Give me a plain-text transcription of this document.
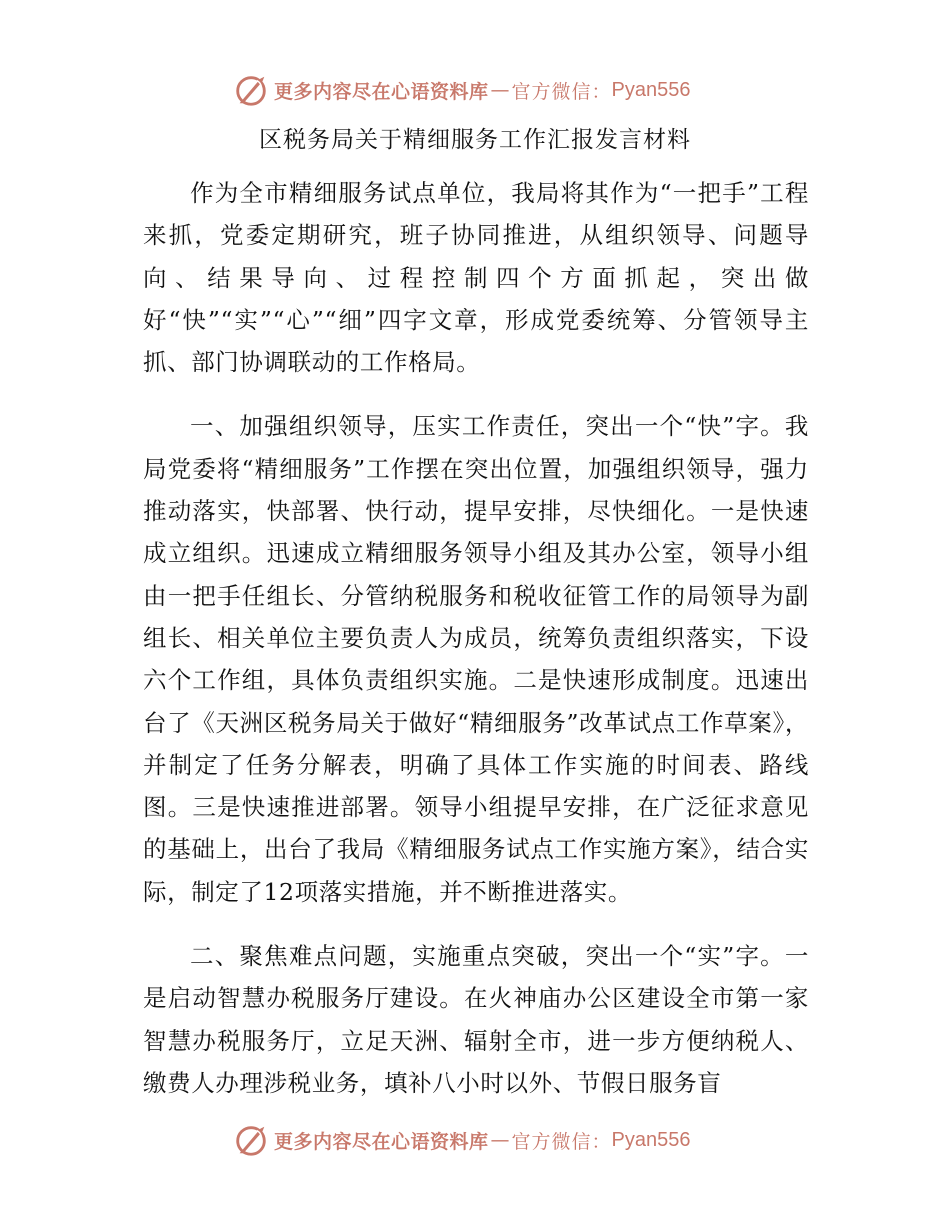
更多内容尽在心语资料库 — 官方微信： Pyan556
区税务局关于精细服务工作汇报发言材料

作为全市精细服务试点单位，我局将其作为“一把手”工程来抓，党委定期研究，班子协同推进，从组织领导、问题导向、结果导向、过程控制四个方面抓起，突出做好“快”“实”“心”“细”四字文章，形成党委统筹、分管领导主抓、部门协调联动的工作格局。

一、加强组织领导，压实工作责任，突出一个“快”字。我局党委将“精细服务”工作摆在突出位置，加强组织领导，强力推动落实，快部署、快行动，提早安排，尽快细化。一是快速成立组织。迅速成立精细服务领导小组及其办公室，领导小组由一把手任组长、分管纳税服务和税收征管工作的局领导为副组长、相关单位主要负责人为成员，统筹负责组织落实，下设六个工作组，具体负责组织实施。二是快速形成制度。迅速出台了《天洲区税务局关于做好“精细服务”改革试点工作草案》，并制定了任务分解表，明确了具体工作实施的时间表、路线图。三是快速推进部署。领导小组提早安排，在广泛征求意见的基础上，出台了我局《精细服务试点工作实施方案》，结合实际，制定了12项落实措施，并不断推进落实。

二、聚焦难点问题，实施重点突破，突出一个“实”字。一是启动智慧办税服务厅建设。在火神庙办公区建设全市第一家智慧办税服务厅，立足天洲、辐射全市，进一步方便纳税人、缴费人办理涉税业务，填补八小时以外、节假日服务盲

更多内容尽在心语资料库 — 官方微信： Pyan556
